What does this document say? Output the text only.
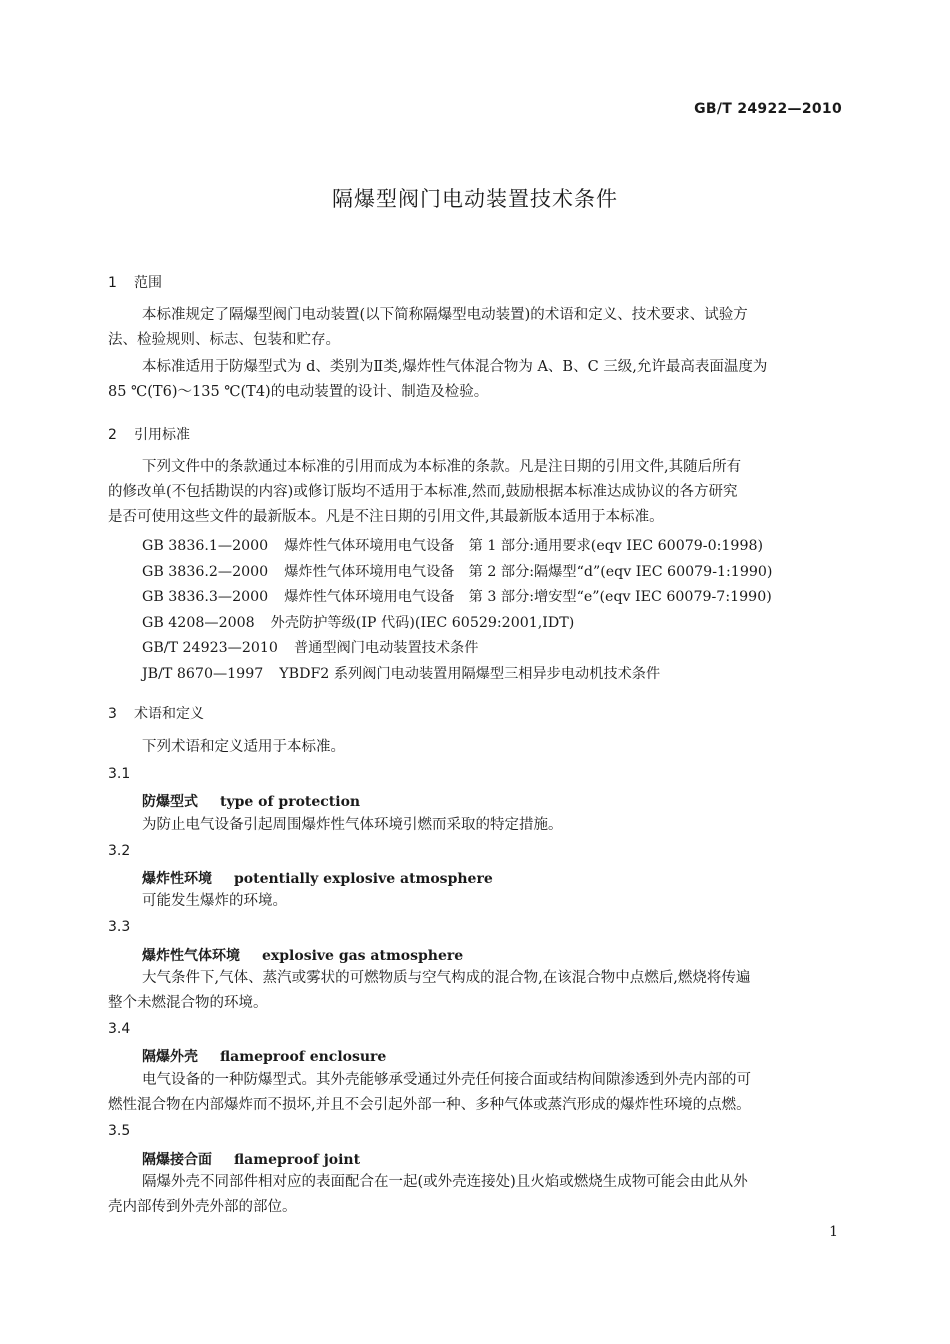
GB/T 24922—2010
隔爆型阀门电动装置技术条件
1 范围
本标准规定了隔爆型阀门电动装置(以下简称隔爆型电动装置)的术语和定义、技术要求、试验方
法、检验规则、标志、包装和贮存。
本标准适用于防爆型式为 d、类别为Ⅱ类,爆炸性气体混合物为 A、B、C 三级,允许最高表面温度为
85 ℃(T6)～135 ℃(T4)的电动装置的设计、制造及检验。
2 引用标准
下列文件中的条款通过本标准的引用而成为本标准的条款。凡是注日期的引用文件,其随后所有
的修改单(不包括勘误的内容)或修订版均不适用于本标准,然而,鼓励根据本标准达成协议的各方研究
是否可使用这些文件的最新版本。凡是不注日期的引用文件,其最新版本适用于本标准。
GB 3836.1—2000 爆炸性气体环境用电气设备　第 1 部分:通用要求(eqv IEC 60079-0:1998)
GB 3836.2—2000 爆炸性气体环境用电气设备　第 2 部分:隔爆型“d”(eqv IEC 60079-1:1990)
GB 3836.3—2000 爆炸性气体环境用电气设备　第 3 部分:增安型“e”(eqv IEC 60079-7:1990)
GB 4208—2008 外壳防护等级(IP 代码)(IEC 60529:2001,IDT)
GB/T 24923—2010 普通型阀门电动装置技术条件
JB/T 8670—1997 YBDF2 系列阀门电动装置用隔爆型三相异步电动机技术条件
3 术语和定义
下列术语和定义适用于本标准。
3.1
防爆型式 type of protection
为防止电气设备引起周围爆炸性气体环境引燃而采取的特定措施。
3.2
爆炸性环境 potentially explosive atmosphere
可能发生爆炸的环境。
3.3
爆炸性气体环境 explosive gas atmosphere
大气条件下,气体、蒸汽或雾状的可燃物质与空气构成的混合物,在该混合物中点燃后,燃烧将传遍
整个未燃混合物的环境。
3.4
隔爆外壳 flameproof enclosure
电气设备的一种防爆型式。其外壳能够承受通过外壳任何接合面或结构间隙渗透到外壳内部的可
燃性混合物在内部爆炸而不损坏,并且不会引起外部一种、多种气体或蒸汽形成的爆炸性环境的点燃。
3.5
隔爆接合面 flameproof joint
隔爆外壳不同部件相对应的表面配合在一起(或外壳连接处)且火焰或燃烧生成物可能会由此从外
壳内部传到外壳外部的部位。
1
